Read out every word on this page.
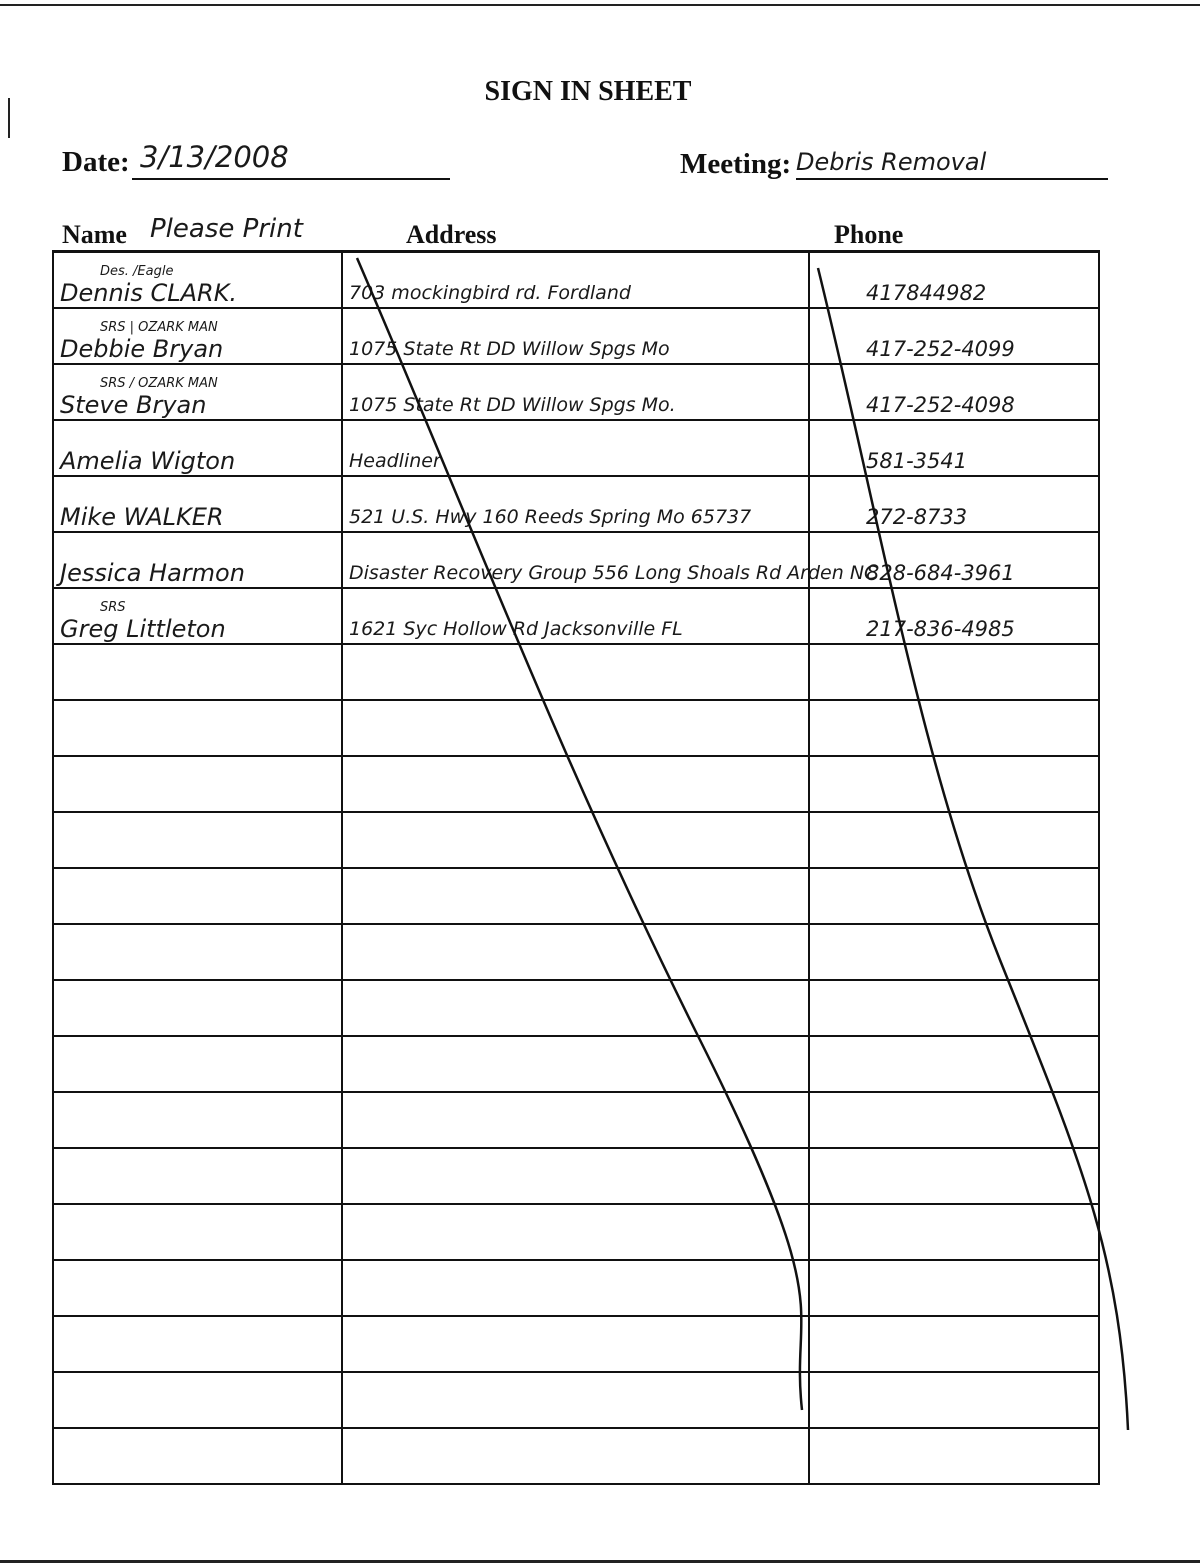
SIGN IN SHEET
Date: 3/13/2008	Meeting: Debris Removal
Name Please Print	Address	Phone
Des. /Eagle
Dennis CLARK.	703 mockingbird rd. Fordland	417844982

SRS | OZARK MAN
Debbie Bryan	1075 State Rt DD Willow Spgs Mo	417-252-4099

SRS / OZARK MAN
Steve Bryan	1075 State Rt DD Willow Spgs Mo.	417-252-4098

Amelia Wigton	Headliner	581-3541

Mike WALKER	521 U.S. Hwy 160 Reeds Spring Mo 65737	272-8733

Jessica Harmon	Disaster Recovery Group 556 Long Shoals Rd Arden NC	828-684-3961

SRS
Greg Littleton	1621 Syc Hollow Rd Jacksonville FL	217-836-4985
